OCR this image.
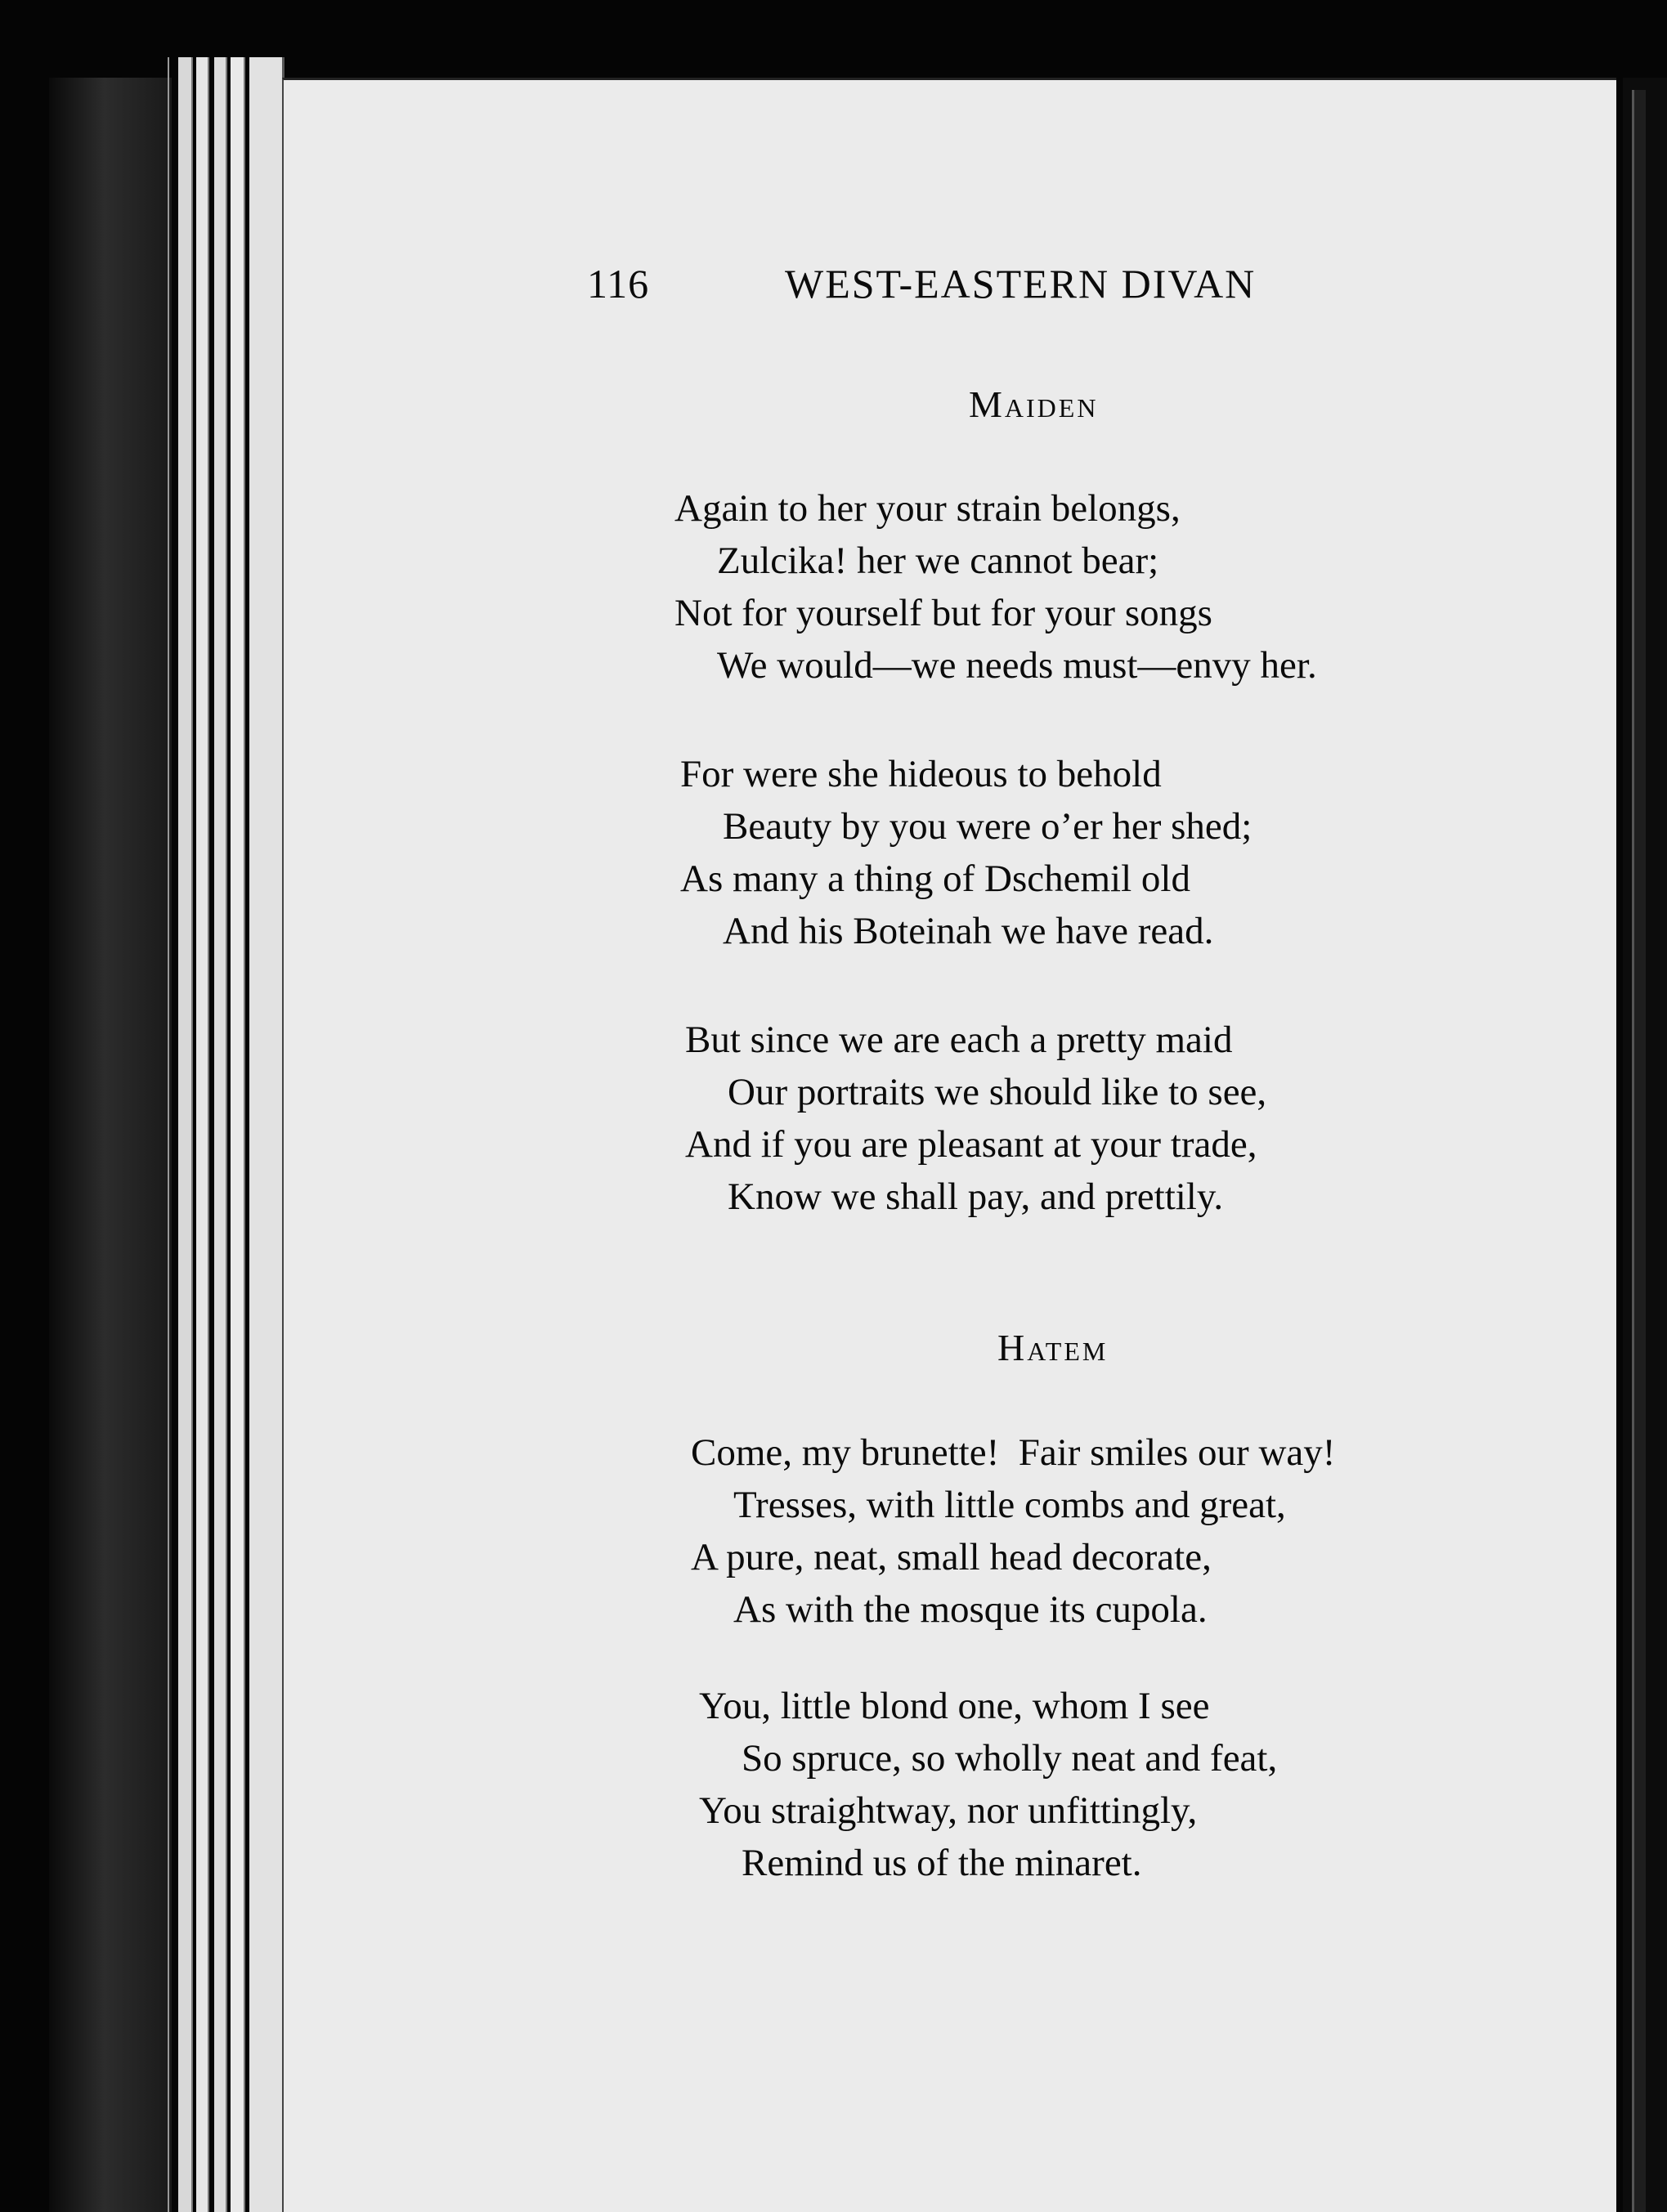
116	WEST-EASTERN DIVAN
Maiden
Again to her your strain belongs,
Zulcika! her we cannot bear;
Not for yourself but for your songs
We would—we needs must—envy her.
For were she hideous to behold
Beauty by you were o’er her shed;
As many a thing of Dschemil old
And his Boteinah we have read.
But since we are each a pretty maid
Our portraits we should like to see,
And if you are pleasant at your trade,
Know we shall pay, and prettily.
Hatem
Come, my brunette!  Fair smiles our way!
Tresses, with little combs and great,
A pure, neat, small head decorate,
As with the mosque its cupola.
You, little blond one, whom I see
So spruce, so wholly neat and feat,
You straightway, nor unfittingly,
Remind us of the minaret.
